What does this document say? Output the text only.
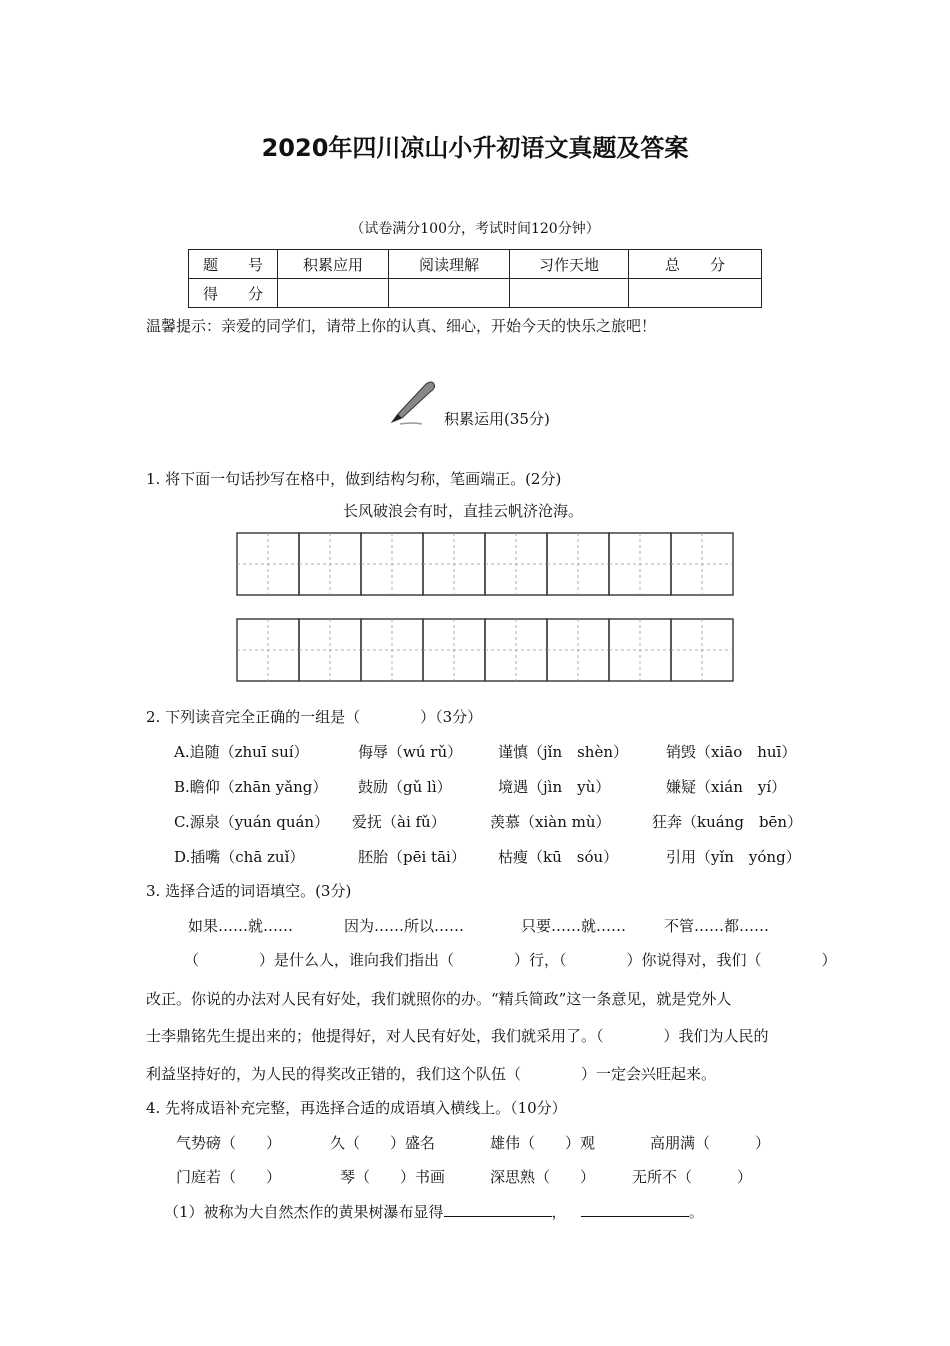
2020年四川凉山小升初语文真题及答案
（试卷满分100分，考试时间120分钟）
题　　号	积累应用	阅读理解	习作天地	总　　分
得　　分				
温馨提示：亲爱的同学们，请带上你的认真、细心，开始今天的快乐之旅吧！
积累运用(35分)
1. 将下面一句话抄写在格中，做到结构匀称，笔画端正。(2分)
长风破浪会有时，直挂云帆济沧海。
2. 下列读音完全正确的一组是（　　　　）（3分）
A.追随（zhuī suí）	侮辱（wú rǔ） 谨慎（jǐn　shèn）	销毁（xiāo　huī）
B.瞻仰（zhān yǎng） 鼓励（gǔ lì）	境遇（jìn　yù）	嫌疑（xián　yí）
C.源泉（yuán quán） 爱抚（ài fǔ）	羡慕（xiàn mù）	狂奔（kuáng　bēn）
D.插嘴（chā zuǐ）	胚胎（pēi tāi） 枯瘦（kū　sóu）	引用（yǐn　yóng）
3. 选择合适的词语填空。(3分)
如果……就……	因为……所以……	只要……就……	不管……都……
（　　　　）是什么人，谁向我们指出（　　　　）行，（　　　　）你说得对，我们（　　　　）
改正。你说的办法对人民有好处，我们就照你的办。“精兵简政”这一条意见，就是党外人
士李鼎铭先生提出来的；他提得好，对人民有好处，我们就采用了。（　　　　）我们为人民的
利益坚持好的，为人民的得奖改正错的，我们这个队伍（　　　　）一定会兴旺起来。
4. 先将成语补充完整，再选择合适的成语填入横线上。（10分）
气势磅（　　）	久（　　）盛名	雄伟（　　）观	高朋满（　　　）
门庭若（　　）	琴（　　）书画	深思熟（　　） 无所不（　　　）
（1）被称为大自然杰作的黄果树瀑布显得	，	。
